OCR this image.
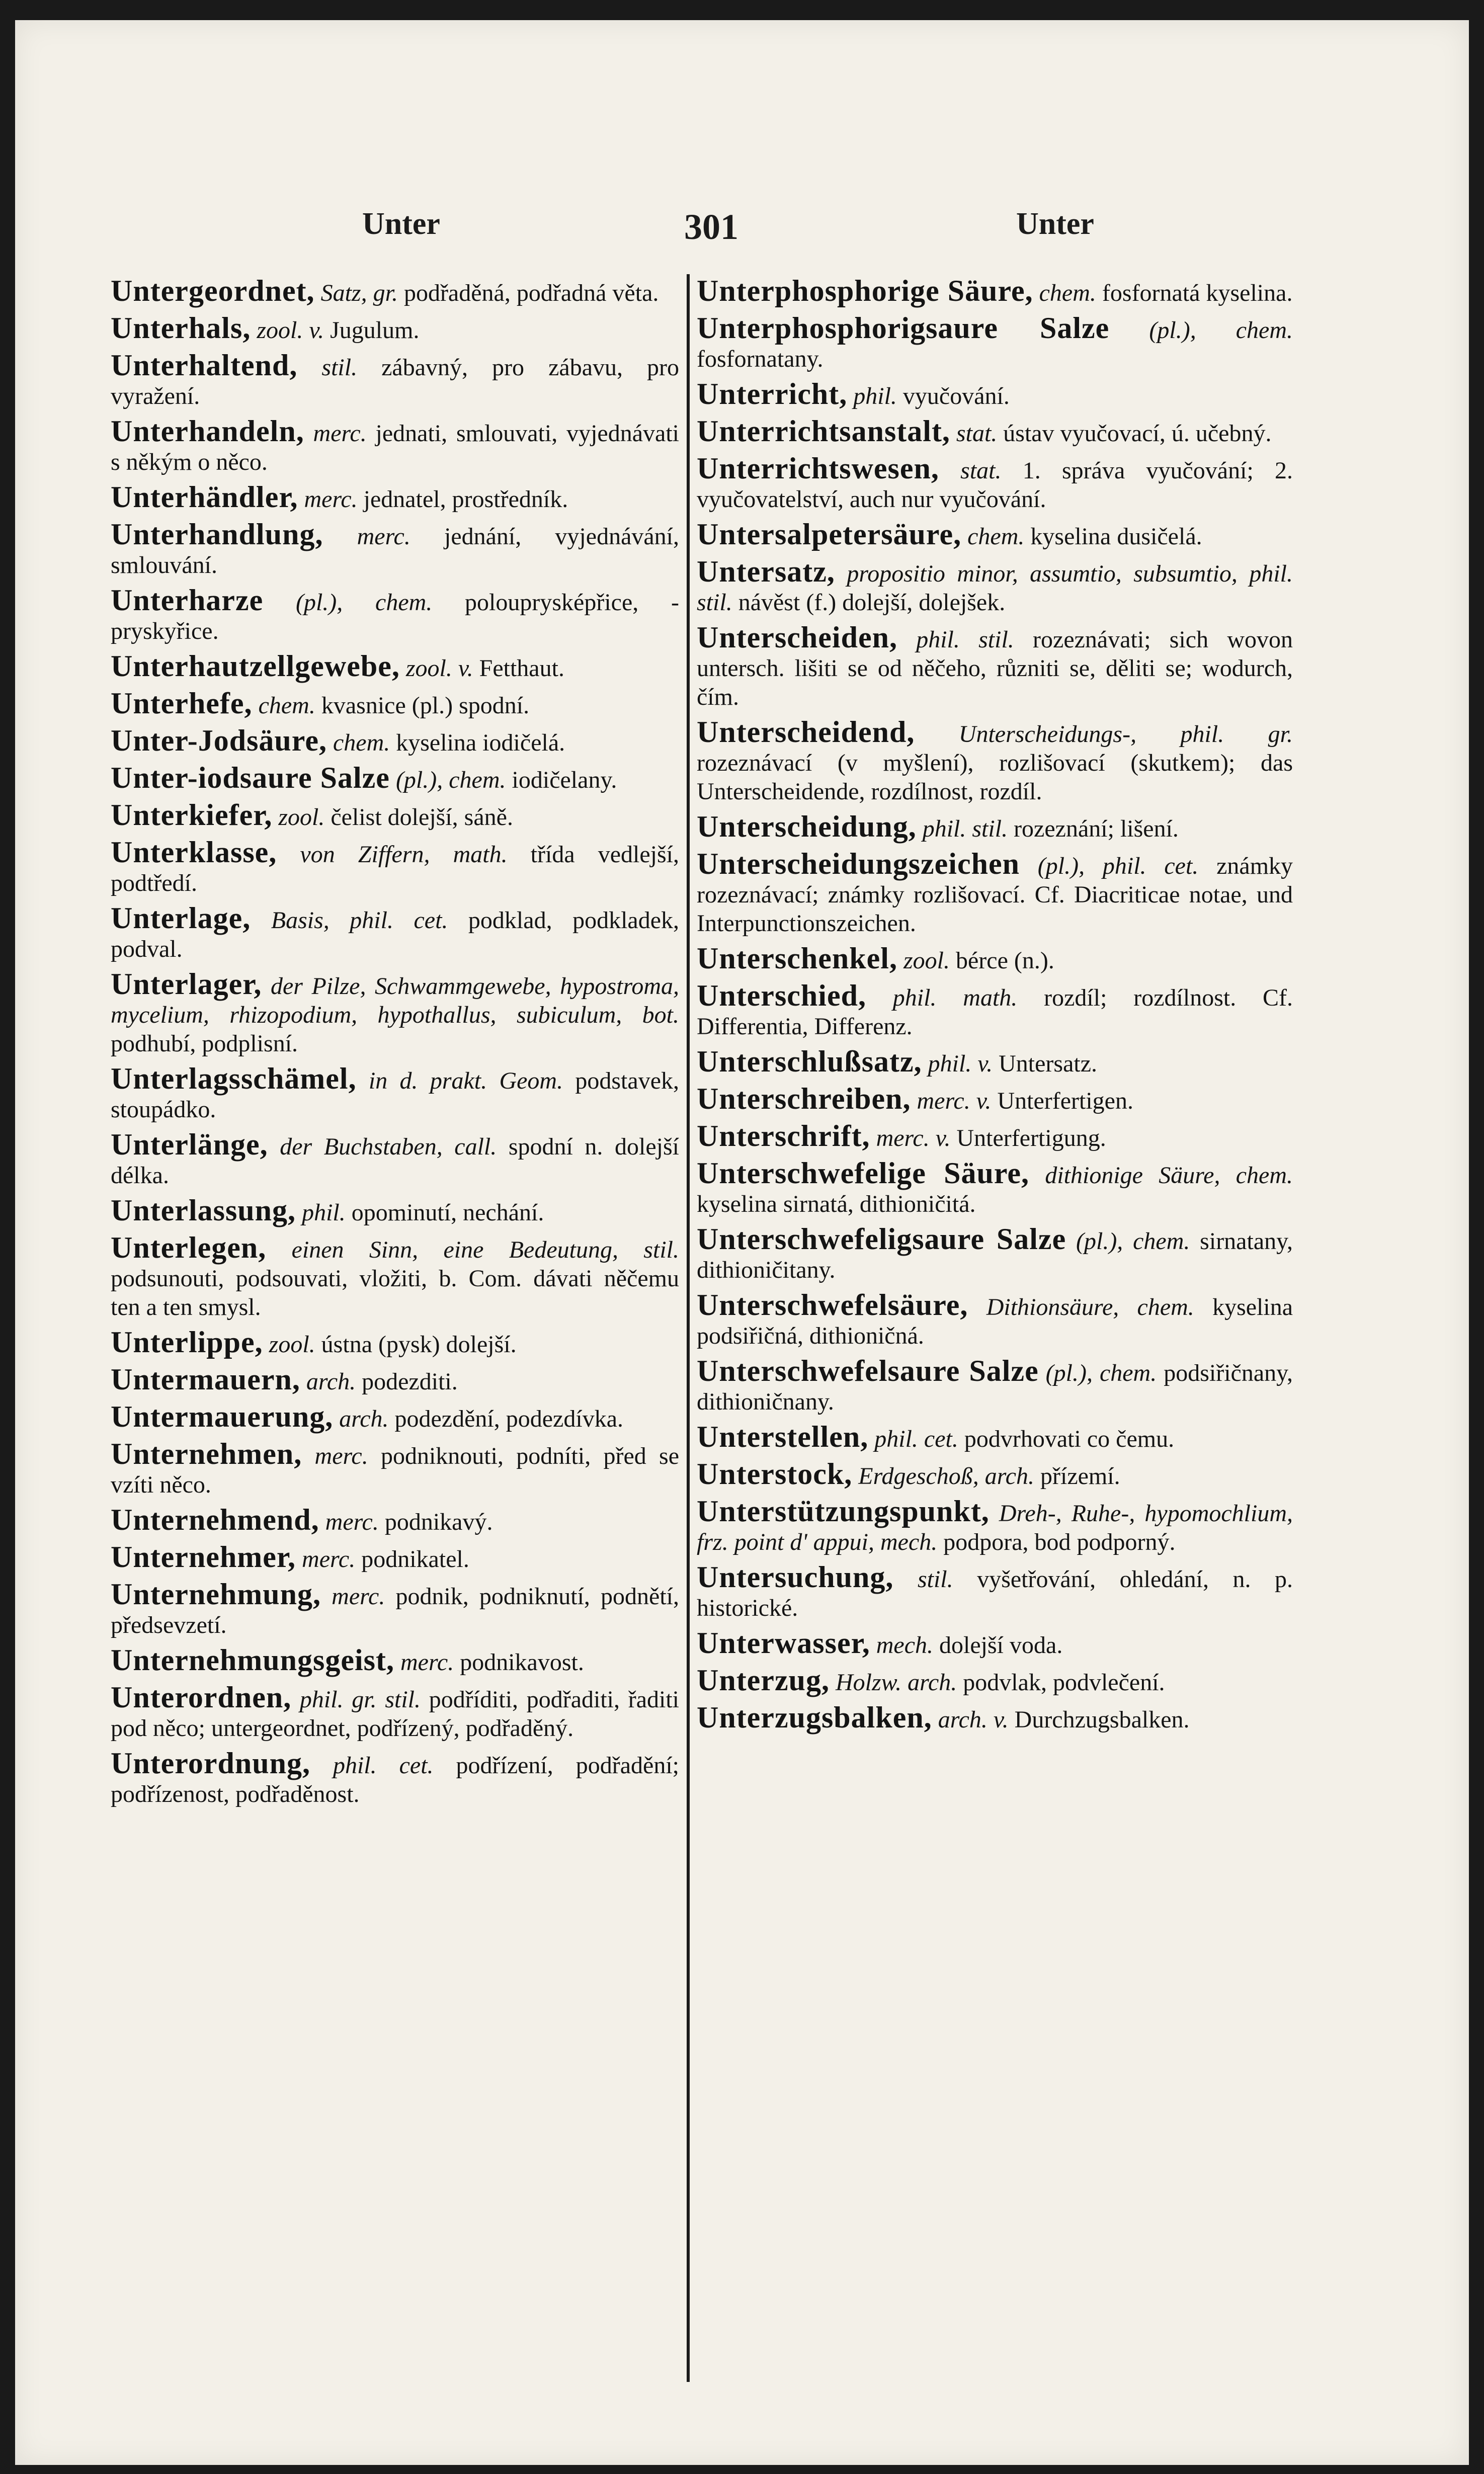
Unter	301	Unter
Untergeordnet, Satz, gr. podřaděná, podřadná věta.
Unterhals, zool. v. Jugulum.
Unterhaltend, stil. zábavný, pro zábavu, pro vyražení.
Unterhandeln, merc. jednati, smlouvati, vyjednávati s někým o něco.
Unterhändler, merc. jednatel, prostředník.
Unterhandlung, merc. jednání, vyjednávání, smlouvání.
Unterharze (pl.), chem. polouprysképřice, -pryskyřice.
Unterhautzellgewebe, zool. v. Fetthaut.
Unterhefe, chem. kvasnice (pl.) spodní.
Unter-Jodsäure, chem. kyselina iodičelá.
Unter-iodsaure Salze (pl.), chem. iodičelany.
Unterkiefer, zool. čelist dolejší, sáně.
Unterklasse, von Ziffern, math. třída vedlejší, podtředí.
Unterlage, Basis, phil. cet. podklad, podkladek, podval.
Unterlager, der Pilze, Schwammgewebe, hypostroma, mycelium, rhizopodium, hypothallus, subiculum, bot. podhubí, podplisní.
Unterlagsschämel, in d. prakt. Geom. podstavek, stoupádko.
Unterlänge, der Buchstaben, call. spodní n. dolejší délka.
Unterlassung, phil. opominutí, nechání.
Unterlegen, einen Sinn, eine Bedeutung, stil. podsunouti, podsouvati, vložiti, b. Com. dávati něčemu ten a ten smysl.
Unterlippe, zool. ústna (pysk) dolejší.
Untermauern, arch. podezditi.
Untermauerung, arch. podezdění, podezdívka.
Unternehmen, merc. podniknouti, podníti, před se vzíti něco.
Unternehmend, merc. podnikavý.
Unternehmer, merc. podnikatel.
Unternehmung, merc. podnik, podniknutí, podnětí, předsevzetí.
Unternehmungsgeist, merc. podnikavost.
Unterordnen, phil. gr. stil. podříditi, podřaditi, řaditi pod něco; untergeordnet, podřízený, podřaděný.
Unterordnung, phil. cet. podřízení, podřadění; podřízenost, podřaděnost.
Unterphosphorige Säure, chem. fosfornatá kyselina.
Unterphosphorigsaure Salze (pl.), chem. fosfornatany.
Unterricht, phil. vyučování.
Unterrichtsanstalt, stat. ústav vyučovací, ú. učebný.
Unterrichtswesen, stat. 1. správa vyučování; 2. vyučovatelství, auch nur vyučování.
Untersalpetersäure, chem. kyselina dusičelá.
Untersatz, propositio minor, assumtio, subsumtio, phil. stil. návěst (f.) dolejší, dolejšek.
Unterscheiden, phil. stil. rozeznávati; sich wovon untersch. lišiti se od něčeho, různiti se, děliti se; wodurch, čím.
Unterscheidend, Unterscheidungs-, phil. gr. rozeznávací (v myšlení), rozlišovací (skutkem); das Unterscheidende, rozdílnost, rozdíl.
Unterscheidung, phil. stil. rozeznání; lišení.
Unterscheidungszeichen (pl.), phil. cet. známky rozeznávací; známky rozlišovací. Cf. Diacriticae notae, und Interpunctionszeichen.
Unterschenkel, zool. bérce (n.).
Unterschied, phil. math. rozdíl; rozdílnost. Cf. Differentia, Differenz.
Unterschlußsatz, phil. v. Untersatz.
Unterschreiben, merc. v. Unterfertigen.
Unterschrift, merc. v. Unterfertigung.
Unterschwefelige Säure, dithionige Säure, chem. kyselina sirnatá, dithioničitá.
Unterschwefeligsaure Salze (pl.), chem. sirnatany, dithioničitany.
Unterschwefelsäure, Dithionsäure, chem. kyselina podsiřičná, dithioničná.
Unterschwefelsaure Salze (pl.), chem. podsiřičnany, dithioničnany.
Unterstellen, phil. cet. podvrhovati co čemu.
Unterstock, Erdgeschoß, arch. přízemí.
Unterstützungspunkt, Dreh-, Ruhe-, hypomochlium, frz. point d' appui, mech. podpora, bod podporný.
Untersuchung, stil. vyšetřování, ohledání, n. p. historické.
Unterwasser, mech. dolejší voda.
Unterzug, Holzw. arch. podvlak, podvlečení.
Unterzugsbalken, arch. v. Durchzugsbalken.
